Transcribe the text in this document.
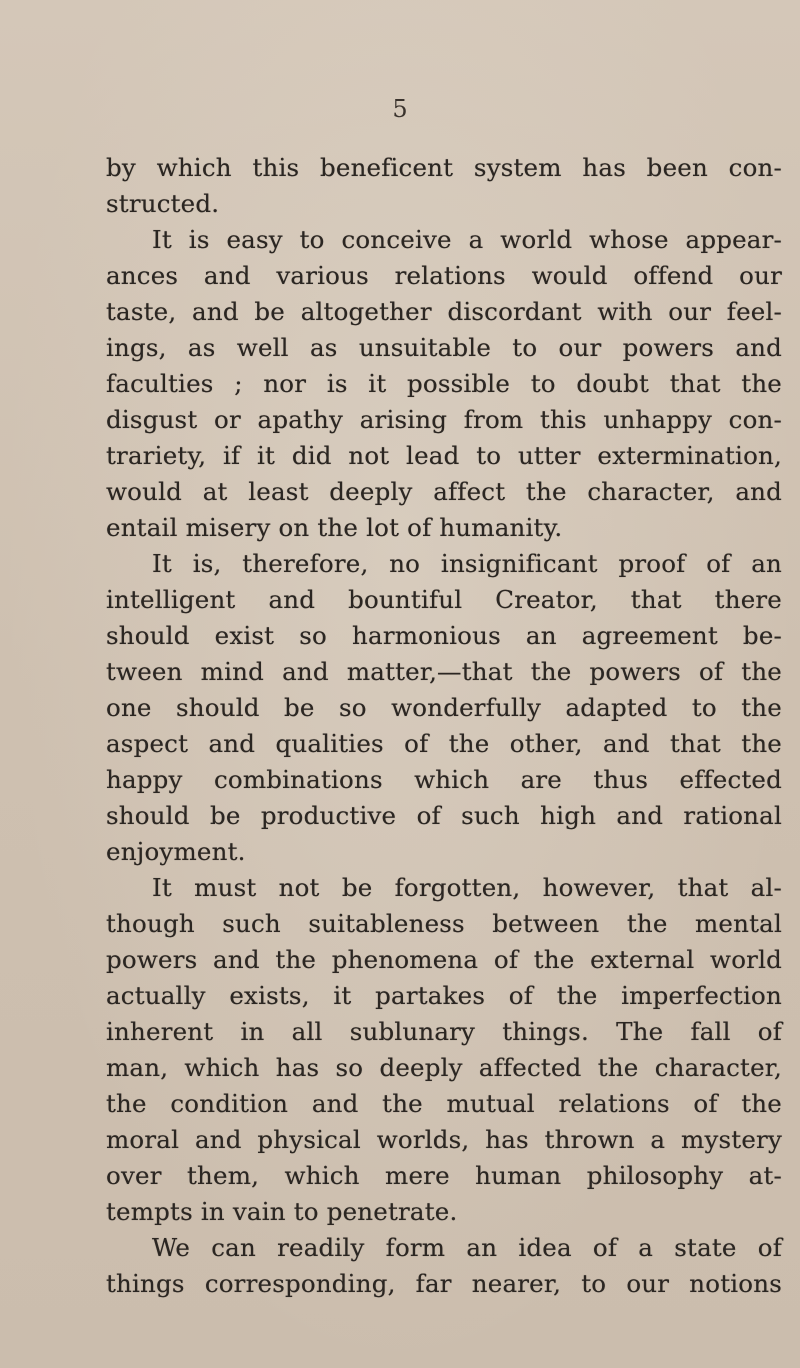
5
by which this beneficent system has been con-
structed.
It is easy to conceive a world whose appear-
ances and various relations would offend our
taste, and be altogether discordant with our feel-
ings, as well as unsuitable to our powers and
faculties ; nor is it possible to doubt that the
disgust or apathy arising from this unhappy con-
trariety, if it did not lead to utter extermination,
would at least deeply affect the character, and
entail misery on the lot of humanity.
It is, therefore, no insignificant proof of an
intelligent and bountiful Creator, that there
should exist so harmonious an agreement be-
tween mind and matter,—that the powers of the
one should be so wonderfully adapted to the
aspect and qualities of the other, and that the
happy combinations which are thus effected
should be productive of such high and rational
enjoyment.
It must not be forgotten, however, that al-
though such suitableness between the mental
powers and the phenomena of the external world
actually exists, it partakes of the imperfection
inherent in all sublunary things. The fall of
man, which has so deeply affected the character,
the condition and the mutual relations of the
moral and physical worlds, has thrown a mystery
over them, which mere human philosophy at-
tempts in vain to penetrate.
We can readily form an idea of a state of
things corresponding, far nearer, to our notions
